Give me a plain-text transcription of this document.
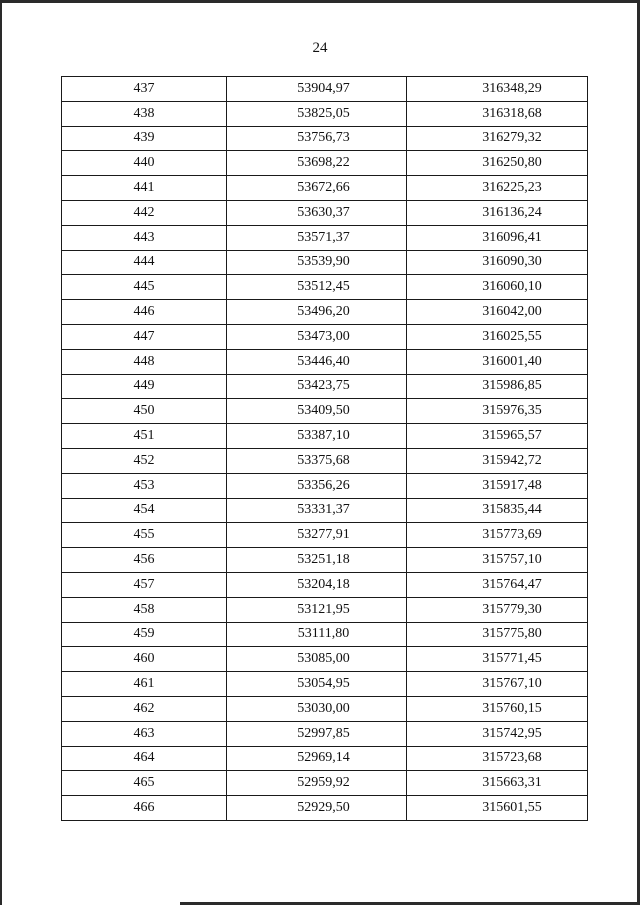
24
437	53904,97	316348,29
438	53825,05	316318,68
439	53756,73	316279,32
440	53698,22	316250,80
441	53672,66	316225,23
442	53630,37	316136,24
443	53571,37	316096,41
444	53539,90	316090,30
445	53512,45	316060,10
446	53496,20	316042,00
447	53473,00	316025,55
448	53446,40	316001,40
449	53423,75	315986,85
450	53409,50	315976,35
451	53387,10	315965,57
452	53375,68	315942,72
453	53356,26	315917,48
454	53331,37	315835,44
455	53277,91	315773,69
456	53251,18	315757,10
457	53204,18	315764,47
458	53121,95	315779,30
459	53111,80	315775,80
460	53085,00	315771,45
461	53054,95	315767,10
462	53030,00	315760,15
463	52997,85	315742,95
464	52969,14	315723,68
465	52959,92	315663,31
466	52929,50	315601,55
